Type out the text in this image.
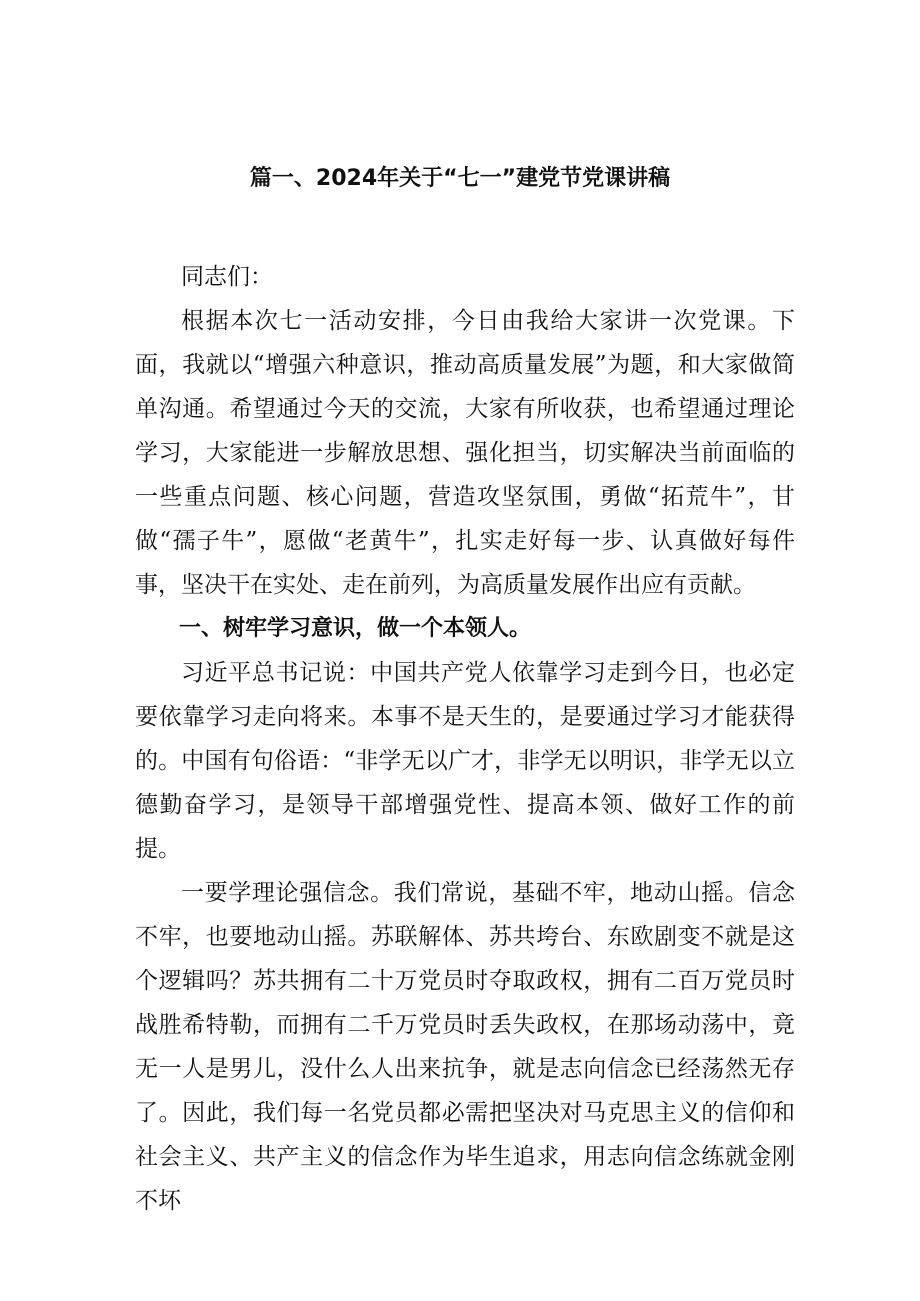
篇一、2024年关于“七一”建党节党课讲稿

同志们：

根据本次七一活动安排，今日由我给大家讲一次党课。下面，我就以“增强六种意识，推动高质量发展”为题，和大家做简单沟通。希望通过今天的交流，大家有所收获，也希望通过理论学习，大家能进一步解放思想、强化担当，切实解决当前面临的一些重点问题、核心问题，营造攻坚氛围，勇做“拓荒牛”，甘做“孺子牛”，愿做“老黄牛”，扎实走好每一步、认真做好每件事，坚决干在实处、走在前列，为高质量发展作出应有贡献。

一、树牢学习意识，做一个本领人。

习近平总书记说：中国共产党人依靠学习走到今日，也必定要依靠学习走向将来。本事不是天生的，是要通过学习才能获得的。中国有句俗语：“非学无以广才，非学无以明识，非学无以立德勤奋学习，是领导干部增强党性、提高本领、做好工作的前提。

一要学理论强信念。我们常说，基础不牢，地动山摇。信念不牢，也要地动山摇。苏联解体、苏共垮台、东欧剧变不就是这个逻辑吗？苏共拥有二十万党员时夺取政权，拥有二百万党员时战胜希特勒，而拥有二千万党员时丢失政权，在那场动荡中，竟无一人是男儿，没什么人出来抗争，就是志向信念已经荡然无存了。因此，我们每一名党员都必需把坚决对马克思主义的信仰和社会主义、共产主义的信念作为毕生追求，用志向信念练就金刚不坏
